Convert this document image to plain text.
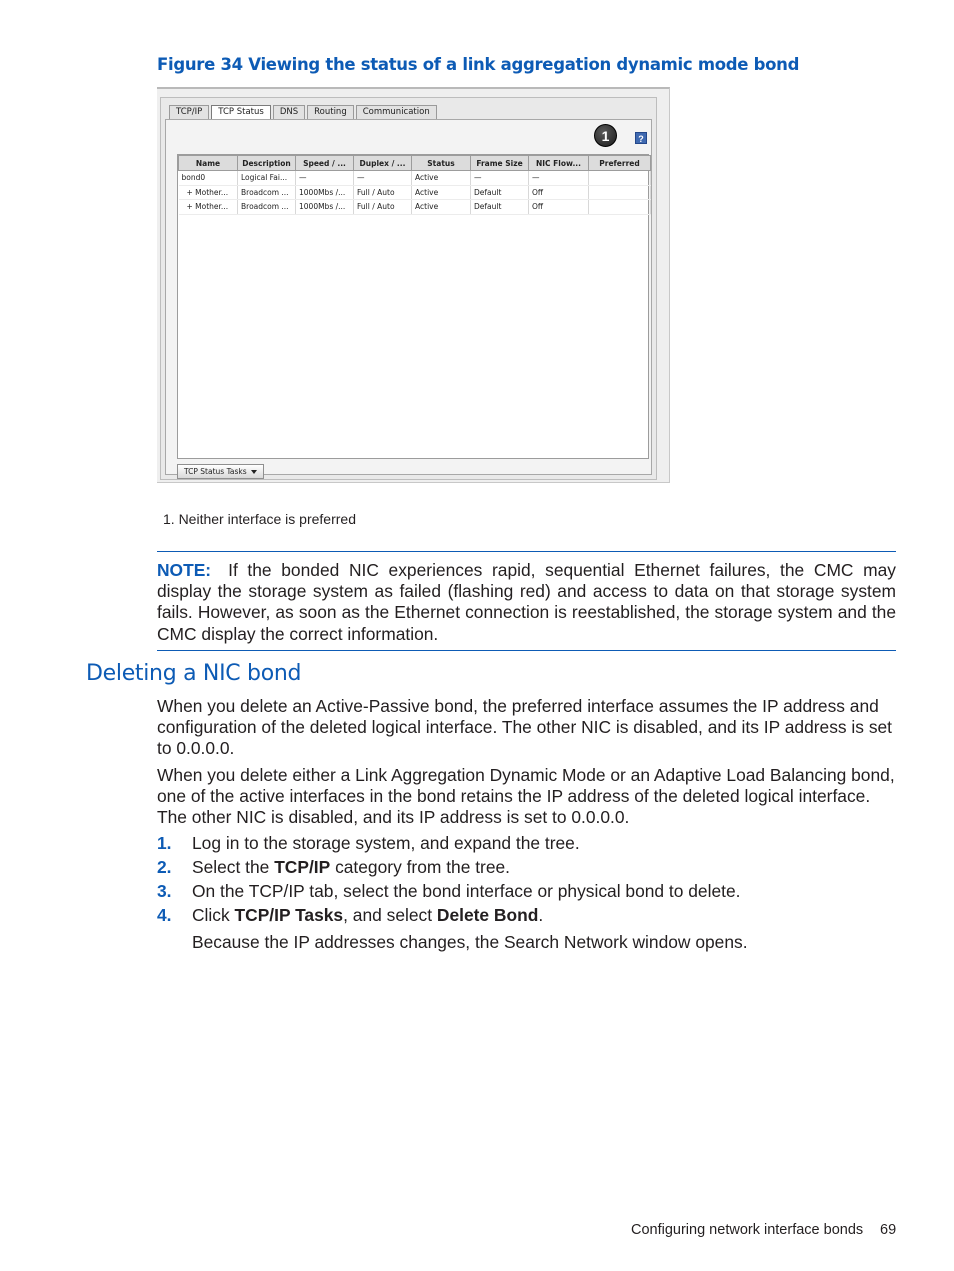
Figure 34 Viewing the status of a link aggregation dynamic mode bond
TCP/IP	TCP Status	DNS	Routing	Communication
1	?
Name	Description	Speed / ...	Duplex / ...	Status	Frame Size	NIC Flow...	Preferred
bond0	Logical Fai...	—	—	Active	—	—	
+ Mother...	Broadcom ...	1000Mbs /...	Full / Auto	Active	Default	Off	
+ Mother...	Broadcom ...	1000Mbs /...	Full / Auto	Active	Default	Off	
TCP Status Tasks
1. Neither interface is preferred
NOTE: If the bonded NIC experiences rapid, sequential Ethernet failures, the CMC may display the storage system as failed (flashing red) and access to data on that storage system fails. However, as soon as the Ethernet connection is reestablished, the storage system and the CMC display the correct information.
Deleting a NIC bond

When you delete an Active-Passive bond, the preferred interface assumes the IP address and configuration of the deleted logical interface. The other NIC is disabled, and its IP address is set to 0.0.0.0.

When you delete either a Link Aggregation Dynamic Mode or an Adaptive Load Balancing bond, one of the active interfaces in the bond retains the IP address of the deleted logical interface. The other NIC is disabled, and its IP address is set to 0.0.0.0.

1. Log in to the storage system, and expand the tree.
2. Select the TCP/IP category from the tree.
3. On the TCP/IP tab, select the bond interface or physical bond to delete.
4. Click TCP/IP Tasks, and select Delete Bond.

Because the IP addresses changes, the Search Network window opens.

Configuring network interface bonds 69
